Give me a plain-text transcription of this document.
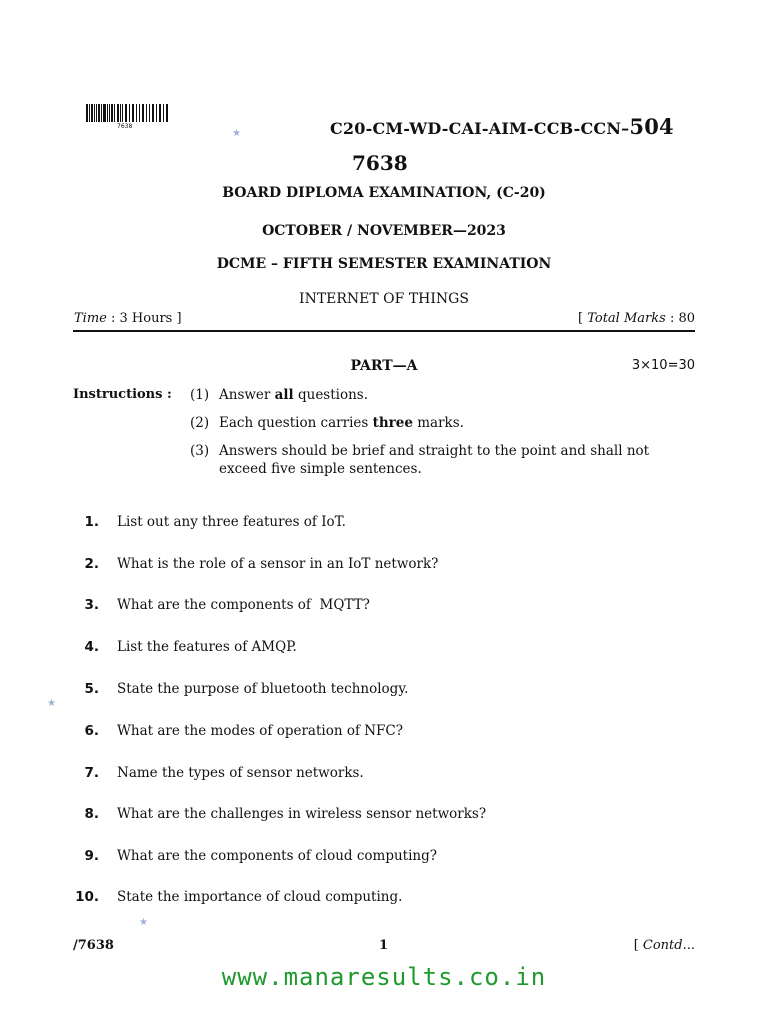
7638
★
★
★
C20-CM-WD-CAI-AIM-CCB-CCN–504
7638
BOARD DIPLOMA EXAMINATION, (C-20)
OCTOBER / NOVEMBER—2023
DCME – FIFTH SEMESTER EXAMINATION
INTERNET OF THINGS
Time : 3 Hours ]	[ Total Marks : 80
PART—A	3×10=30
Instructions : (1) Answer all questions.
(2) Each question carries three marks.
(3) Answers should be brief and straight to the point and shall not exceed five simple sentences.
1. List out any three features of IoT.
2. What is the role of a sensor in an IoT network?
3. What are the components of  MQTT?
4. List the features of AMQP.
5. State the purpose of bluetooth technology.
6. What are the modes of operation of NFC?
7. Name the types of sensor networks.
8. What are the challenges in wireless sensor networks?
9. What are the components of cloud computing?
10. State the importance of cloud computing.
/7638	1	[ Contd...
www.manaresults.co.in
